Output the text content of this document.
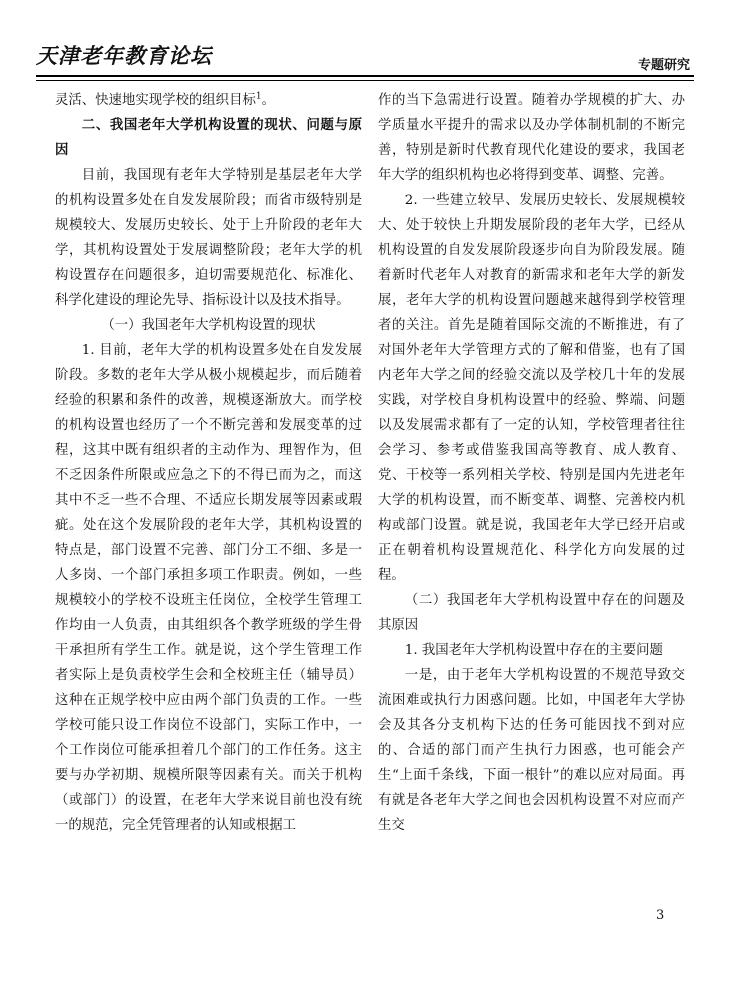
天津老年教育论坛	专题研究

灵活、快速地实现学校的组织目标$^1$。

二、我国老年大学机构设置的现状、问题与原因

目前，我国现有老年大学特别是基层老年大学的机构设置多处在自发发展阶段；而省市级特别是规模较大、发展历史较长、处于上升阶段的老年大学，其机构设置处于发展调整阶段；老年大学的机构设置存在问题很多，迫切需要规范化、标准化、科学化建设的理论先导、指标设计以及技术指导。

（一）我国老年大学机构设置的现状

1. 目前，老年大学的机构设置多处在自发发展阶段。多数的老年大学从极小规模起步，而后随着经验的积累和条件的改善，规模逐渐放大。而学校的机构设置也经历了一个不断完善和发展变革的过程，这其中既有组织者的主动作为、理智作为，但不乏因条件所限或应急之下的不得已而为之，而这其中不乏一些不合理、不适应长期发展等因素或瑕疵。处在这个发展阶段的老年大学，其机构设置的特点是，部门设置不完善、部门分工不细、多是一人多岗、一个部门承担多项工作职责。例如，一些规模较小的学校不设班主任岗位，全校学生管理工作均由一人负责，由其组织各个教学班级的学生骨干承担所有学生工作。就是说，这个学生管理工作者实际上是负责校学生会和全校班主任（辅导员）这种在正规学校中应由两个部门负责的工作。一些学校可能只设工作岗位不设部门，实际工作中，一个工作岗位可能承担着几个部门的工作任务。这主要与办学初期、规模所限等因素有关。而关于机构（或部门）的设置，在老年大学来说目前也没有统一的规范，完全凭管理者的认知或根据工

作的当下急需进行设置。随着办学规模的扩大、办学质量水平提升的需求以及办学体制机制的不断完善，特别是新时代教育现代化建设的要求，我国老年大学的组织机构也必将得到变革、调整、完善。

2. 一些建立较早、发展历史较长、发展规模较大、处于较快上升期发展阶段的老年大学，已经从机构设置的自发发展阶段逐步向自为阶段发展。随着新时代老年人对教育的新需求和老年大学的新发展，老年大学的机构设置问题越来越得到学校管理者的关注。首先是随着国际交流的不断推进，有了对国外老年大学管理方式的了解和借鉴，也有了国内老年大学之间的经验交流以及学校几十年的发展实践，对学校自身机构设置中的经验、弊端、问题以及发展需求都有了一定的认知，学校管理者往往会学习、参考或借鉴我国高等教育、成人教育、党、干校等一系列相关学校、特别是国内先进老年大学的机构设置，而不断变革、调整、完善校内机构或部门设置。就是说，我国老年大学已经开启或正在朝着机构设置规范化、科学化方向发展的过程。

（二）我国老年大学机构设置中存在的问题及其原因

1. 我国老年大学机构设置中存在的主要问题

一是，由于老年大学机构设置的不规范导致交流困难或执行力困惑问题。比如，中国老年大学协会及其各分支机构下达的任务可能因找不到对应的、合适的部门而产生执行力困惑，也可能会产生“上面千条线，下面一根针”的难以应对局面。再有就是各老年大学之间也会因机构设置不对应而产生交

3
